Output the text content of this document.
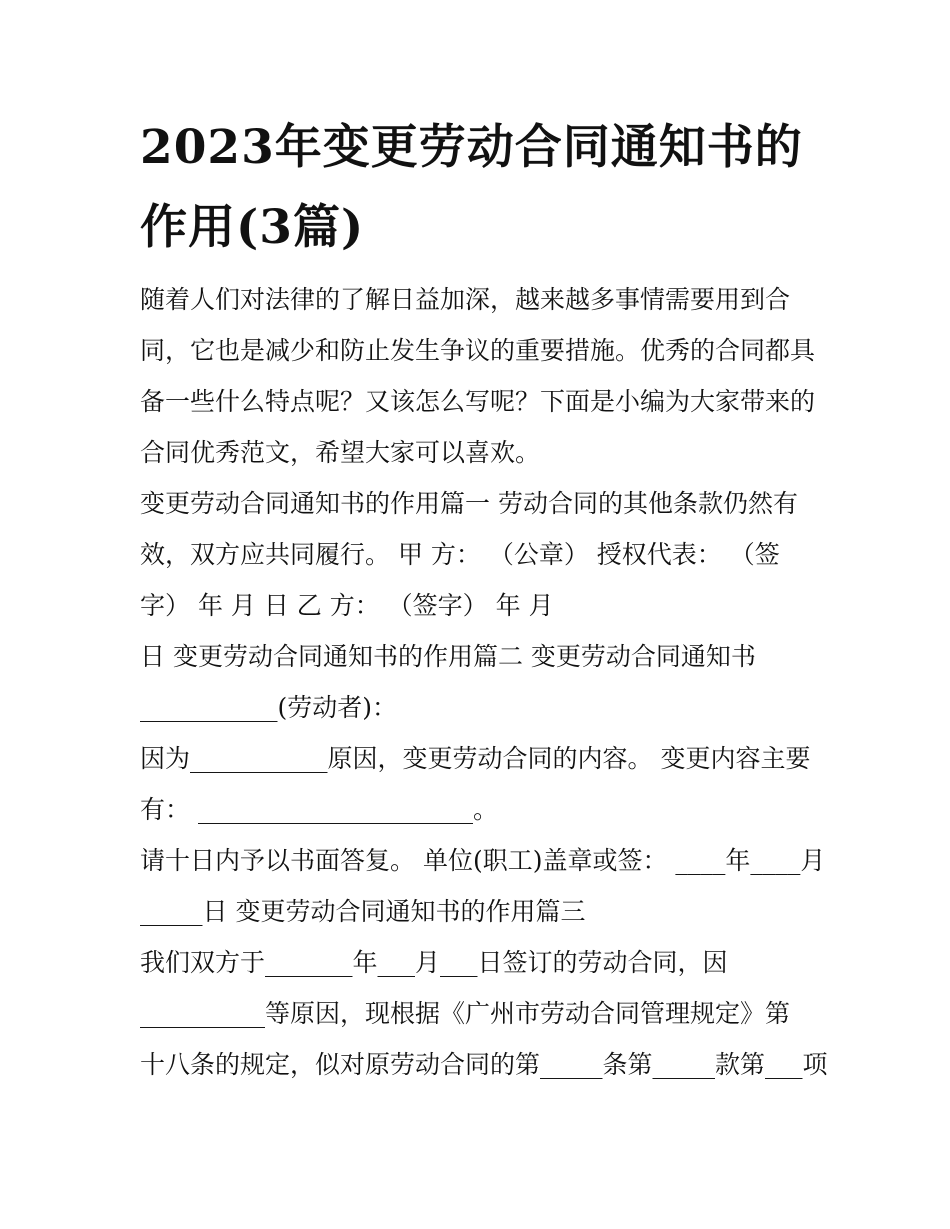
2023年变更劳动合同通知书的
作用(3篇)
随着人们对法律的了解日益加深，越来越多事情需要用到合
同，它也是减少和防止发生争议的重要措施。优秀的合同都具
备一些什么特点呢？又该怎么写呢？下面是小编为大家带来的
合同优秀范文，希望大家可以喜欢。
变更劳动合同通知书的作用篇一 劳动合同的其他条款仍然有
效，双方应共同履行。 甲 方： （公章） 授权代表： （签
字） 年 月 日 乙 方： （签字） 年 月
日 变更劳动合同通知书的作用篇二 变更劳动合同通知书
___________(劳动者)：
因为___________原因，变更劳动合同的内容。 变更内容主要
有： ______________________。
请十日内予以书面答复。 单位(职工)盖章或签： ____年____月
_____日 变更劳动合同通知书的作用篇三
我们双方于_______年___月___日签订的劳动合同，因
__________等原因，现根据《广州市劳动合同管理规定》第
十八条的规定，似对原劳动合同的第_____条第_____款第___项
